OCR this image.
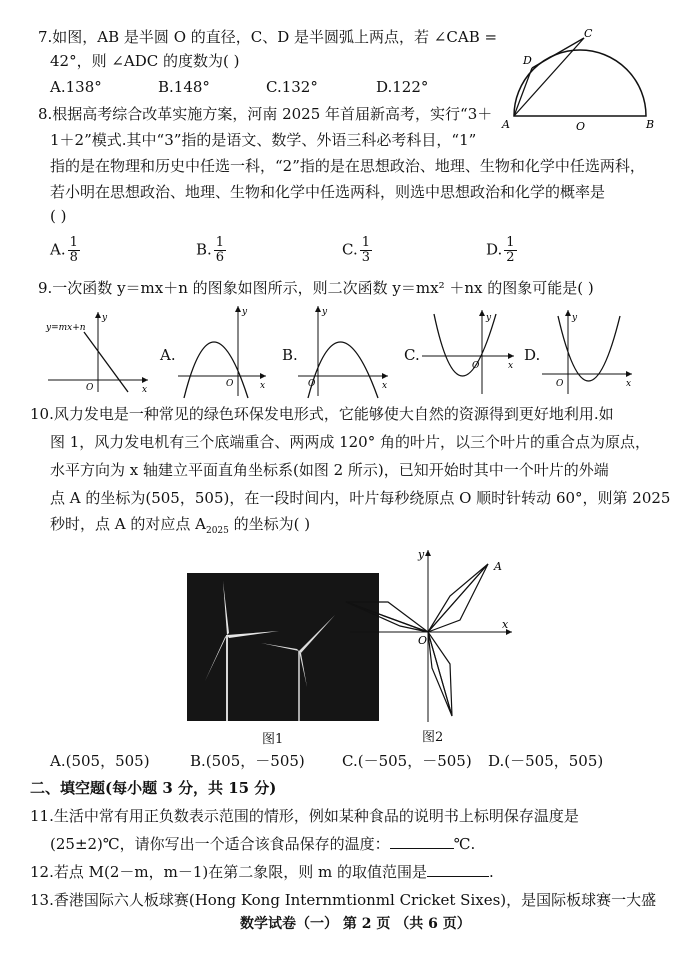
7.如图，AB 是半圆 O 的直径，C、D 是半圆弧上两点，若 ∠CAB =
42°，则 ∠ADC 的度数为( )
A.138°	B.148°	C.132°	D.122°
C
D
A	O	B
8.根据高考综合改革实施方案，河南 2025 年首届新高考，实行“3＋
1＋2”模式.其中“3”指的是语文、数学、外语三科必考科目，“1”
指的是在物理和历史中任选一科，“2”指的是在思想政治、地理、生物和化学中任选两科，
若小明在思想政治、地理、生物和化学中任选两科，则选中思想政治和化学的概率是
( )
A. $\frac{1}{8}$	B. $\frac{1}{6}$	C. $\frac{1}{3}$	D. $\frac{1}{2}$
9.一次函数 y＝mx＋n 的图象如图所示，则二次函数 y＝mx² ＋nx 的图象可能是( )
y=mx+n
y
x
O
A.
y
x
O
B.
y
x
O
C.
y
x
O
D.
y
x
O
10.风力发电是一种常见的绿色环保发电形式，它能够使大自然的资源得到更好地利用.如
图 1，风力发电机有三个底端重合、两两成 120° 角的叶片，以三个叶片的重合点为原点，
水平方向为 x 轴建立平面直角坐标系(如图 2 所示)，已知开始时其中一个叶片的外端
点 A 的坐标为(505，505)，在一段时间内，叶片每秒绕原点 O 顺时针转动 60°，则第 2025
秒时，点 A 的对应点 $A_{2025}$ 的坐标为( )
图1
y
A
x
O
图2
A.(505，505)	B.(505，－505) C.(－505，－505) D.(－505，505)
二、填空题(每小题 3 分，共 15 分)
11.生活中常有用正负数表示范围的情形，例如某种食品的说明书上标明保存温度是
(25±2)℃，请你写出一个适合该食品保存的温度：	℃.
12.若点 M(2－m，m－1)在第二象限，则 m 的取值范围是	.
13.香港国际六人板球赛(Hong Kong Internmtionml Cricket Sixes)，是国际板球赛一大盛
数学试卷（一） 第 2 页 （共 6 页）
